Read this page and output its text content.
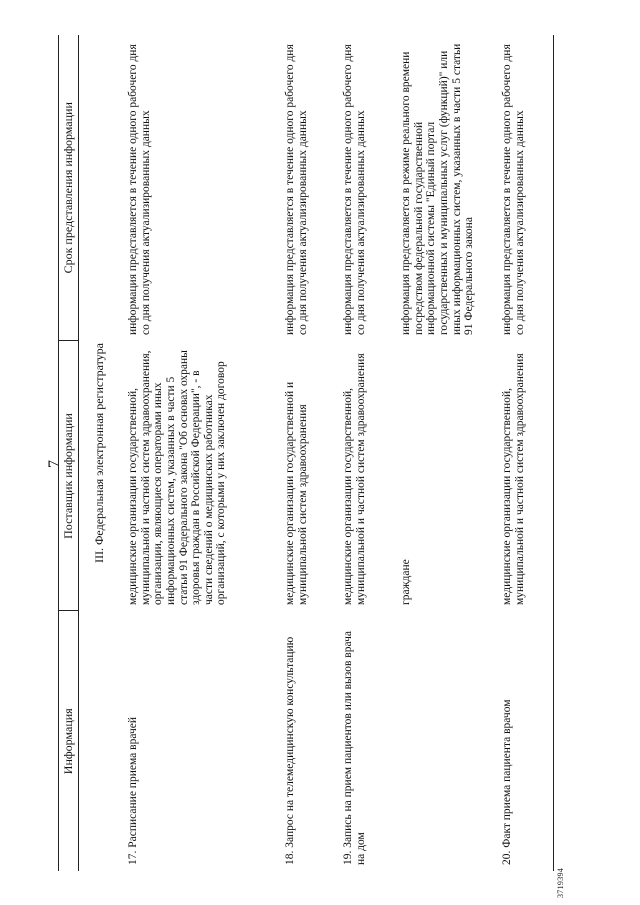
7
Информация	Поставщик информации	Срок представления информации
III. Федеральная электронная регистратура		
17. Расписание приема врачей	медицинские организации государственной, муниципальной и частной систем здравоохранения, организации, являющиеся операторами иных информационных систем, указанных в части 5 статьи 91 Федерального закона "Об основах охраны здоровья граждан в Российской Федерации", - в части сведений о медицинских работниках организаций, с которыми у них заключен договор	информация представляется в течение одного рабочего дня со дня получения актуализированных данных
18. Запрос на телемедицинскую консультацию	медицинские организации государственной и муниципальной систем здравоохранения	информация представляется в течение одного рабочего дня со дня получения актуализированных данных
19. Запись на прием пациентов или вызов врача на дом	медицинские организации государственной, муниципальной и частной систем здравоохранения	информация представляется в течение одного рабочего дня со дня получения актуализированных данных
	граждане	информация представляется в режиме реального времени посредством федеральной государственной информационной системы "Единый портал государственных и муниципальных услуг (функций)" или иных информационных систем, указанных в части 5 статьи 91 Федерального закона
20. Факт приема пациента врачом	медицинские организации государственной, муниципальной и частной систем здравоохранения	информация представляется в течение одного рабочего дня со дня получения актуализированных данных
3719394
